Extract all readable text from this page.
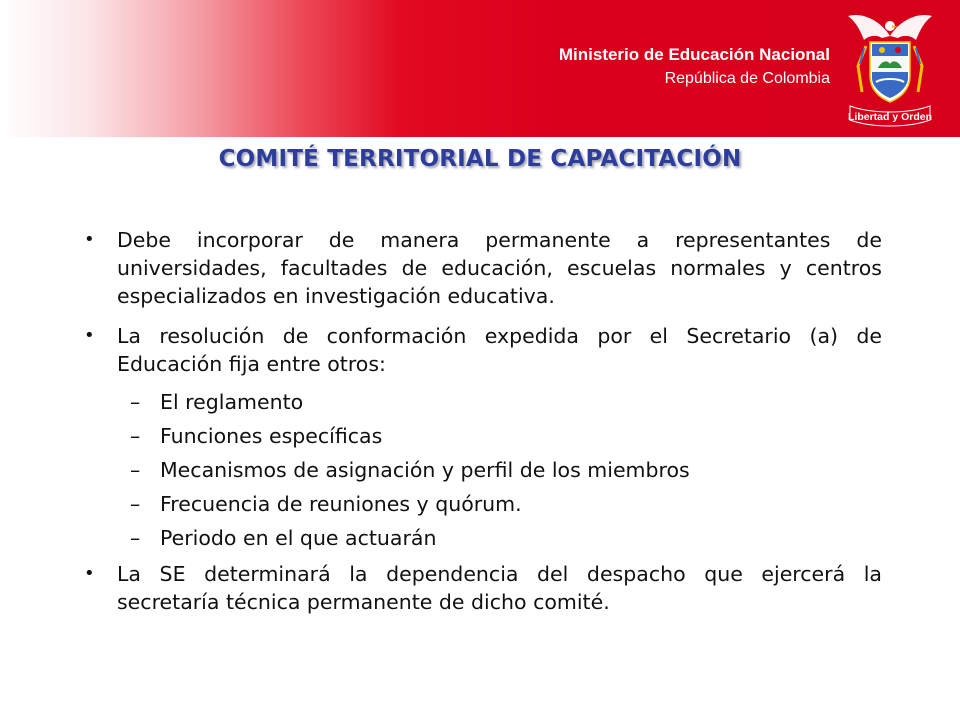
Ministerio de Educación Nacional
República de Colombia
Libertad y Orden
COMITÉ TERRITORIAL DE CAPACITACIÓN
• Debe incorporar de manera permanente a representantes de universidades, facultades de educación, escuelas normales y centros especializados en investigación educativa.
• La resolución de conformación expedida por el Secretario (a) de Educación fija entre otros:
– El reglamento
– Funciones específicas
– Mecanismos de asignación y perfil de los miembros
– Frecuencia de reuniones y quórum.
– Periodo en el que actuarán
• La SE determinará la dependencia del despacho que ejercerá la secretaría técnica permanente de dicho comité.
